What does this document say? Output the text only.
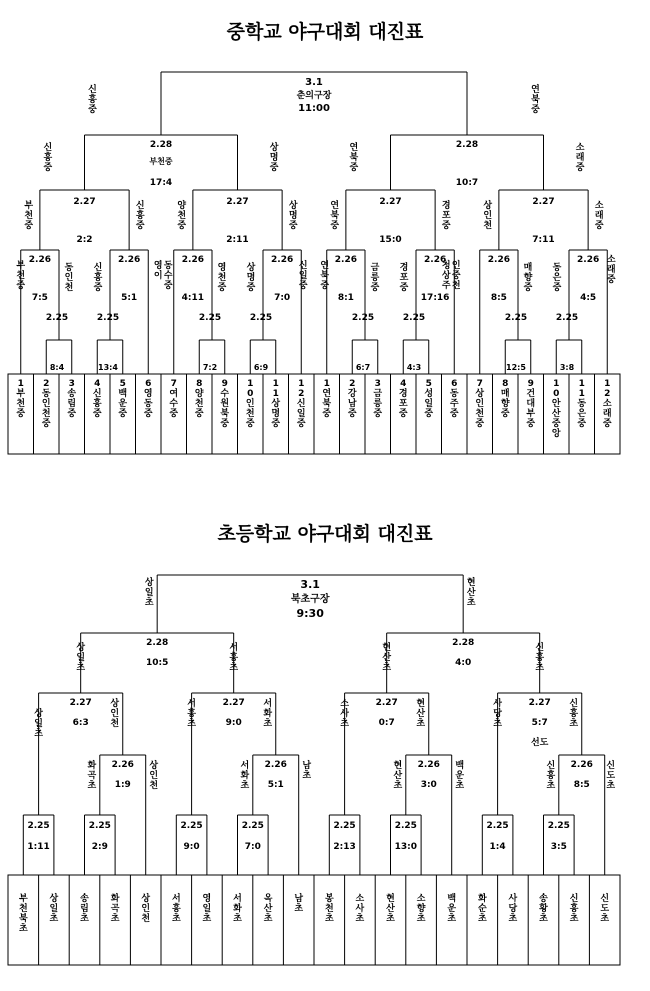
중학교 야구대회 대진표
1 부 천 중
2 동 인 천 중
3 송 림 중
4 신 흥 중
5 백 운 중
6 영 동 중
7 여 수 중
8 양 천 중
9 수 원 북 중
1 0 인 천 중
1 1 상 명 중
1 2 신 일 중
1 연 북 중
2 강 남 중
3 금 릉 중
4 경 포 중
5 성 일 중
6 동 주 중
7 상 인 천 중
8 매 향 중
9 건 대 부 중
1 0 안 산 중 앙
1 1 동 은 중
1 2 소 래 중
2.25
8:4
2.25
13:4
2.25
7:2
2.25
6:9
2.25
6:7
2.25
4:3
2.25
12:5
2.25
3:8
2.26
7:5
2.26
5:1
2.26
4:11
2.26
7:0
2.26
8:1
2.26
17:16
2.26
8:5
2.26
4:5
2.27
2:2
2.27
2:11
2.27
15:0
2.27
7:11
2.28
부천중
17:4
2.28
10:7
3.1
춘의구장
11:00
동 인 천
신 흥 중
영 천 중
상 명 중
금 릉 중
경 포 중
매 향 중
동 은 중
부 천 중
영 이
동 수 중
신 일 중
연 북 중
청 상 주
인 중 천
소 래 중
부 천 중
신 흥 중
양 천 중
상 명 중
연 북 중
경 포 중
상 인 천
소 래 중
신 흥 중
상 명 중
연 북 중
소 래 중
신 흥 중
연 북 중
초등학교 야구대회 대진표
부 천 북 초
상 일 초
송 림 초
화 곡 초
상 인 천
서 흥 초
영 일 초
서 화 초
옥 산 초
남 초
봉 천 초
소 사 초
현 산 초
소 향 초
백 운 초
화 순 초
사 당 초
송 황 초
신 흥 초
신 도 초
2.25
1:11
2.25
2:9
2.25
9:0
2.25
7:0
2.25
2:13
2.25
13:0
2.25
1:4
2.25
3:5
2.26
1:9
2.26
5:1
2.26
3:0
2.26
8:5
2.27
6:3
2.27
9:0
2.27
0:7
2.27
5:7
선도
2.28
10:5
2.28
4:0
3.1
북초구장
9:30
화 곡 초
상 인 천
서 화 초
남 초
현 산 초
백 운 초
신 흥 초
신 도 초
상 일 초
상 인 천
서 흥 초
서 화 초
소 사 초
현 산 초
사 당 초
신 흥 초
상 일 초
서 흥 초
현 산 초
신 흥 초
상 일 초
현 산 초
